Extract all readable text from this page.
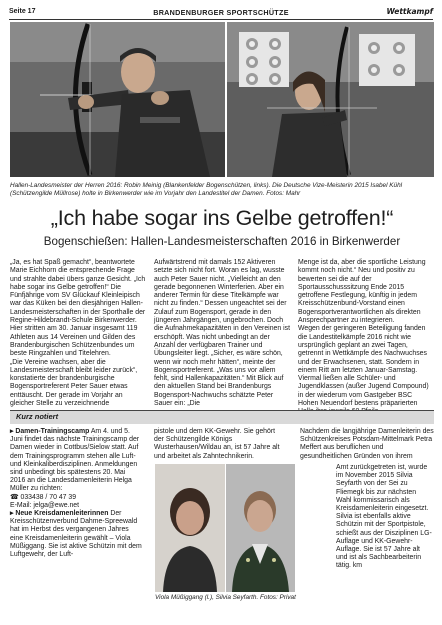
Seite 17	BRANDENBURGER SPORTSCHÜTZE	Wettkampf
Hallen-Landesmeister der Herren 2016: Robin Meinig (Blankenfelder Bogenschützen, links). Die Deutsche Vize-Meisterin 2015 Isabel Kühl (Schützengilde Müllrose) holte in Birkenwerder wie im Vorjahr den Landestitel der Damen. Fotos: Mahr
„Ich habe sogar ins Gelbe getroffen!“
Bogenschießen: Hallen-Landesmeisterschaften 2016 in Birkenwerder

„Ja, es hat Spaß gemacht“, beantwortete Marie Eichhorn die entsprechende Frage und strahlte dabei übers ganze Gesicht. „Ich habe sogar ins Gelbe getroffen!“ Die Fünfjährige vom SV Glückauf Kleinleipisch war das Küken bei den diesjährigen Hallen-Landesmeisterschaften in der Sporthalle der Regine-Hildebrandt-Schule Birkenwerder. Hier stritten am 30. Januar insgesamt 119 Athleten aus 14 Vereinen und Gilden des Brandenburgischen Schützenbundes um beste Ringzahlen und Titelehren.

„Die Vereine wachsen, aber die Landesmeisterschaft bleibt leider zurück“, konstatierte der brandenburgische Bogensportreferent Peter Sauer etwas enttäuscht. Der gerade im Vorjahr an gleicher Stelle zu verzeichnende

Aufwärtstrend mit damals 152 Aktiveren setzte sich nicht fort. Woran es lag, wusste auch Peter Sauer nicht. „Vielleicht an den gerade begonnenen Winterferien. Aber ein anderer Termin für diese Titelkämpfe war nicht zu finden.“ Dessen ungeachtet sei der Zulauf zum Bogensport, gerade in den jüngeren Jahrgängen, ungebrochen. Doch die Aufnahmekapazitäten in den Vereinen ist erschöpft. Was nicht unbedingt an der Anzahl der verfügbaren Trainer und Übungsleiter liegt. „Sicher, es wäre schön, wenn wir noch mehr hätten“, meinte der Bogensportreferent. „Was uns vor allem fehlt, sind Hallenkapazitäten.“ Mit Blick auf den aktuellen Stand bei Brandenburgs Bogensport-Nachwuchs schätzte Peter Sauer ein: „Die

Menge ist da, aber die sportliche Leistung kommt noch nicht.“ Neu und positiv zu bewerten sei die auf der Sportausschusssitzung Ende 2015 getroffene Festlegung, künftig in jedem Kreisschützenbund-Vorstand einen Bogensportverantwortlichen als direkten Ansprechpartner zu integrieren.

Wegen der geringeren Beteiligung fanden die Landestitelkämpfe 2016 nicht wie ursprünglich geplant an zwei Tagen, getrennt in Wettkämpfe des Nachwuchses und der Erwachsenen, statt. Sondern in einem Ritt am letzten Januar-Samstag. Viermal ließen alle Schüler- und Jugendklassen (außer Jugend Compound) in der wiederum vom Gastgeber BSC Hohen Neuendorf bestens präparierten

Kurz notiert

▸ Damen-Trainingscamp Am 4. und 5. Juni findet das nächste Trainingscamp der Damen wieder in Cottbus/Sielow statt. Auf dem Trainingsprogramm stehen alle Luft- und Kleinkaliberdisziplinen. Anmeldungen sind unbedingt bis spätestens 20. Mai 2016 an die Landesdamenleiterin Helga Müller zu richten:

☎ 033438 / 70 47 39

E-Mail: jelga@ewe.net

▸ Neue Kreisdamenleiterinnen Der Kreisschützenverbund Dahme-Spreewald hat im Herbst des vergangenen Jahres eine Kreisdamenleiterin gewählt – Viola Müßiggang. Sie ist aktive Schützin mit dem Luftgewehr, der Luft-

pistole und dem KK-Gewehr. Sie gehört der Schützengilde Königs Wusterhausen/Wildau an, ist 57 Jahre alt und arbeitet als Zahntechnikerin.

Nachdem die langjährige Damenleiterin des Schützenkreises Potsdam-Mittelmark Petra Meffert aus beruflichen und gesundheitlichen Gründen von ihrem

Amt zurückgetreten ist, wurde im November 2015 Silvia Seyfarth von der Sei zu Fliemegk bis zur nächsten Wahl kommissarisch als Kreisdamenleiterin eingesetzt. Silvia ist ebenfalls aktive Schützin mit der Sportpistole, schießt aus der Disziplinen LG-Auflage und KK-Gewehr-Auflage. Sie ist 57 Jahre alt und ist als Sachbearbeiterin tätig. km

Viola Müßiggang (l.), Silvia Seyfarth. Fotos: Privat
